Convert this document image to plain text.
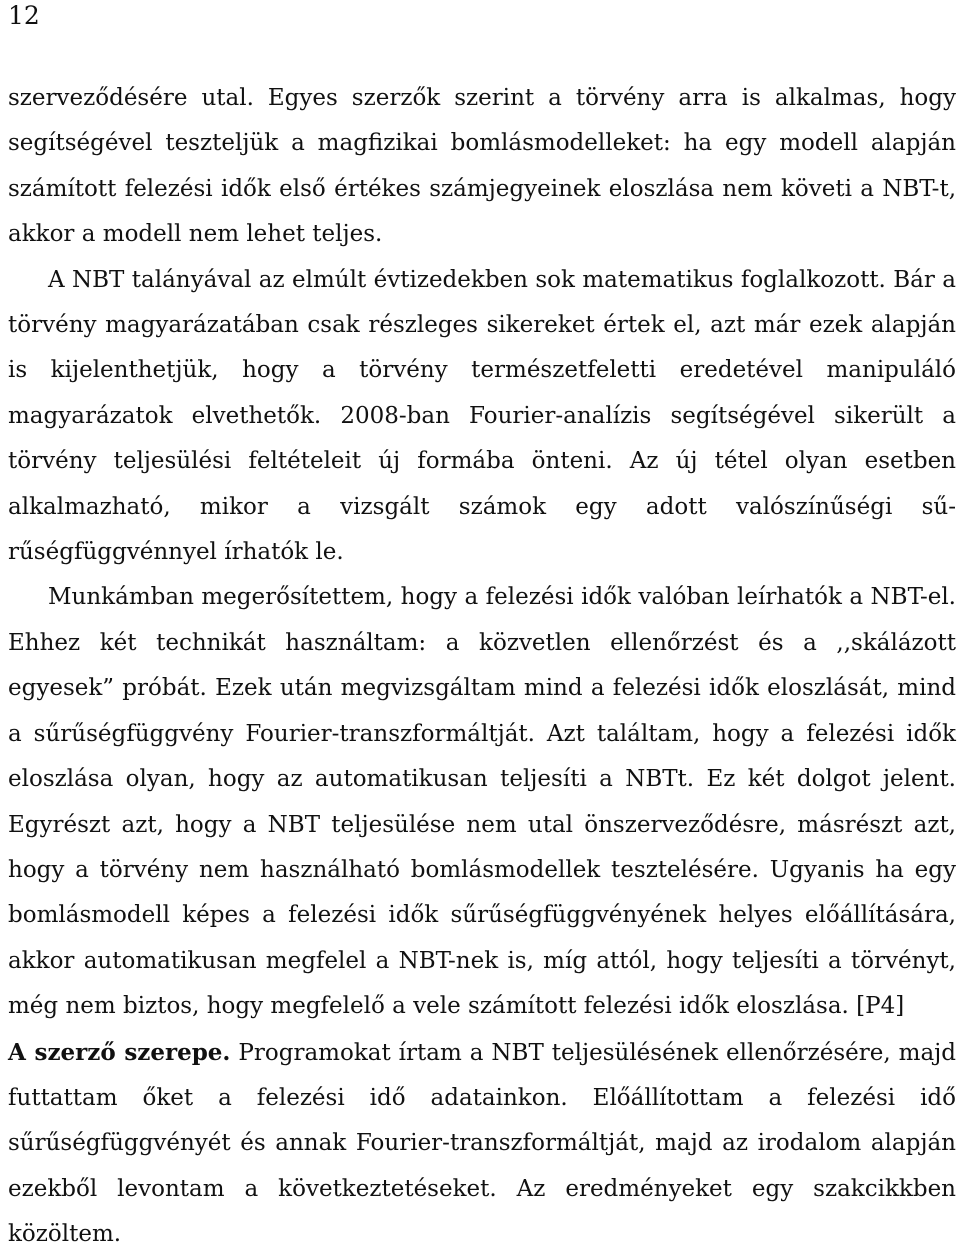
12

szerveződésére utal. Egyes szerzők szerint a törvény arra is alkalmas, hogy segítségével teszteljük a magfizikai bomlásmodelleket: ha egy modell alapján számított felezési idők első értékes számjegyeinek eloszlása nem követi a NBT-t, akkor a modell nem lehet teljes.

A NBT talányával az elmúlt évtizedekben sok matematikus foglalkozott. Bár a törvény magyarázatában csak részleges sikereket értek el, azt már ezek alapján is kijelenthetjük, hogy a törvény természetfeletti eredetével manipuláló magyarázatok elvethetők. 2008-ban Fourier-analízis segítségével sikerült a törvény teljesülési feltételeit új formába önteni. Az új tétel olyan esetben alkalmazható, mikor a vizsgált számok egy adott valószínűségi sűrűségfüggvénnyel írhatók le.

Munkámban megerősítettem, hogy a felezési idők valóban leírhatók a NBT-el. Ehhez két technikát használtam: a közvetlen ellenőrzést és a ,,skálázott egyesek” próbát. Ezek után megvizsgáltam mind a felezési idők eloszlását, mind a sűrűségfüggvény Fourier-transzformáltját. Azt találtam, hogy a felezési idők eloszlása olyan, hogy az automatikusan teljesíti a NBTt. Ez két dolgot jelent. Egyrészt azt, hogy a NBT teljesülése nem utal önszerveződésre, másrészt azt, hogy a törvény nem használható bomlásmodellek tesztelésére. Ugyanis ha egy bomlásmodell képes a felezési idők sűrűségfüggvényének helyes előállítására, akkor automatikusan megfelel a NBT-nek is, míg attól, hogy teljesíti a törvényt, még nem biztos, hogy megfelelő a vele számított felezési idők eloszlása. [P4]

A szerző szerepe. Programokat írtam a NBT teljesülésének ellenőrzésére, majd futtattam őket a felezési idő adatainkon. Előállítottam a felezési idő sűrűségfüggvényét és annak Fourier-transzformáltját, majd az irodalom alapján ezekből levontam a következtetéseket. Az eredményeket egy szakcikkben közöltem.
